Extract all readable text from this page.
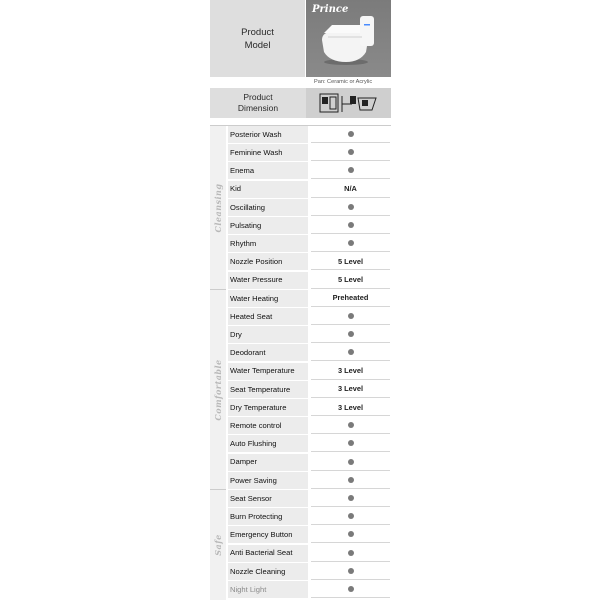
Product
Model
Prince
Pan: Ceramic or Acrylic
Product
Dimension
Cleansing
Comfortable
Safe
Posterior Wash
Feminine Wash
Enema
Kid	N/A
Oscillating
Pulsating
Rhythm
Nozzle Position	5 Level
Water Pressure	5 Level
Water Heating	Preheated
Heated Seat
Dry
Deodorant
Water Temperature	3 Level
Seat Temperature	3 Level
Dry Temperature	3 Level
Remote control
Auto Flushing
Damper
Power Saving
Seat Sensor
Burn Protecting
Emergency Button
Anti Bacterial Seat
Nozzle Cleaning
Night Light
